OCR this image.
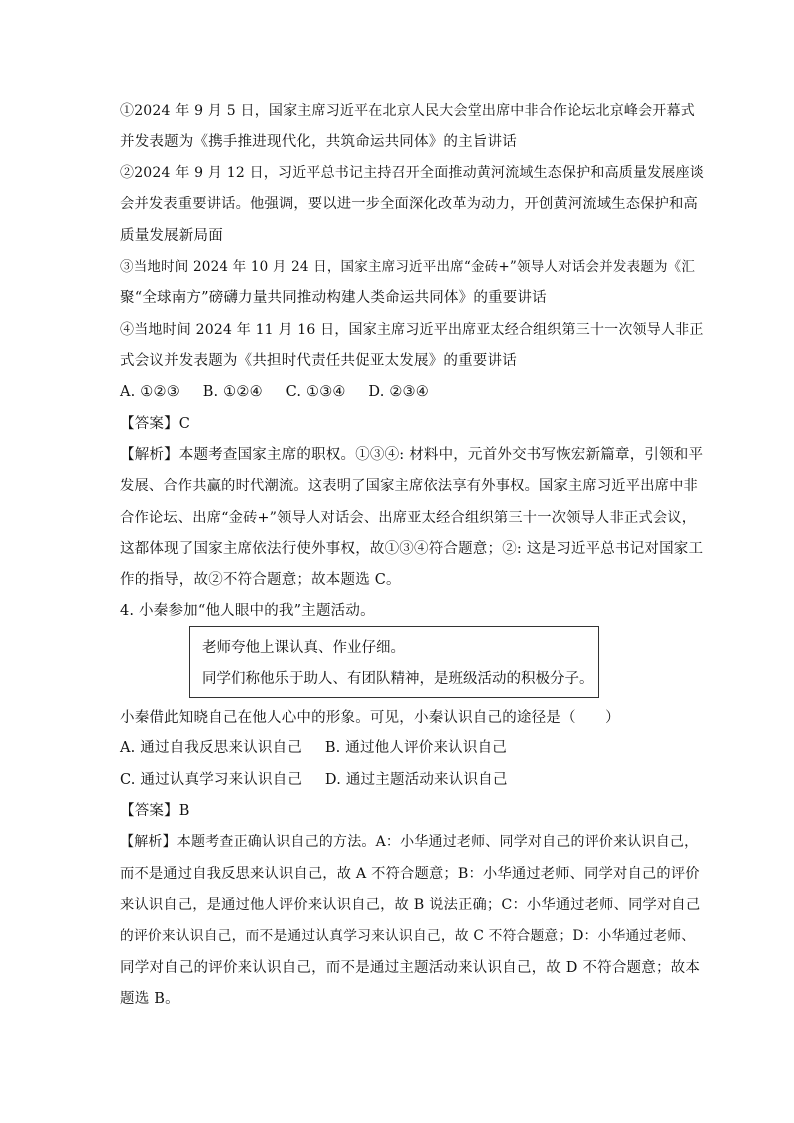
①2024 年 9 月 5 日，国家主席习近平在北京人民大会堂出席中非合作论坛北京峰会开幕式
并发表题为《携手推进现代化，共筑命运共同体》的主旨讲话
②2024 年 9 月 12 日，习近平总书记主持召开全面推动黄河流域生态保护和高质量发展座谈
会并发表重要讲话。他强调，要以进一步全面深化改革为动力，开创黄河流域生态保护和高
质量发展新局面
③当地时间 2024 年 10 月 24 日，国家主席习近平出席“金砖+”领导人对话会并发表题为《汇
聚“全球南方”磅礴力量共同推动构建人类命运共同体》的重要讲话
④当地时间 2024 年 11 月 16 日，国家主席习近平出席亚太经合组织第三十一次领导人非正
式会议并发表题为《共担时代责任共促亚太发展》的重要讲话
A. ①②③ B. ①②④ C. ①③④ D. ②③④
【答案】C
【解析】本题考查国家主席的职权。①③④: 材料中，元首外交书写恢宏新篇章，引领和平
发展、合作共赢的时代潮流。这表明了国家主席依法享有外事权。国家主席习近平出席中非
合作论坛、出席“金砖+”领导人对话会、出席亚太经合组织第三十一次领导人非正式会议，
这都体现了国家主席依法行使外事权，故①③④符合题意；②: 这是习近平总书记对国家工
作的指导，故②不符合题意；故本题选 C。
4. 小秦参加“他人眼中的我”主题活动。
老师夸他上课认真、作业仔细。
同学们称他乐于助人、有团队精神，是班级活动的积极分子。
小秦借此知晓自己在他人心中的形象。可见，小秦认识自己的途径是（　　）
A. 通过自我反思来认识自己 B. 通过他人评价来认识自己
C. 通过认真学习来认识自己 D. 通过主题活动来认识自己
【答案】B
【解析】本题考查正确认识自己的方法。A：小华通过老师、同学对自己的评价来认识自己，
而不是通过自我反思来认识自己，故 A 不符合题意；B：小华通过老师、同学对自己的评价
来认识自己，是通过他人评价来认识自己，故 B 说法正确；C：小华通过老师、同学对自己
的评价来认识自己，而不是通过认真学习来认识自己，故 C 不符合题意；D：小华通过老师、
同学对自己的评价来认识自己，而不是通过主题活动来认识自己，故 D 不符合题意；故本
题选 B。
